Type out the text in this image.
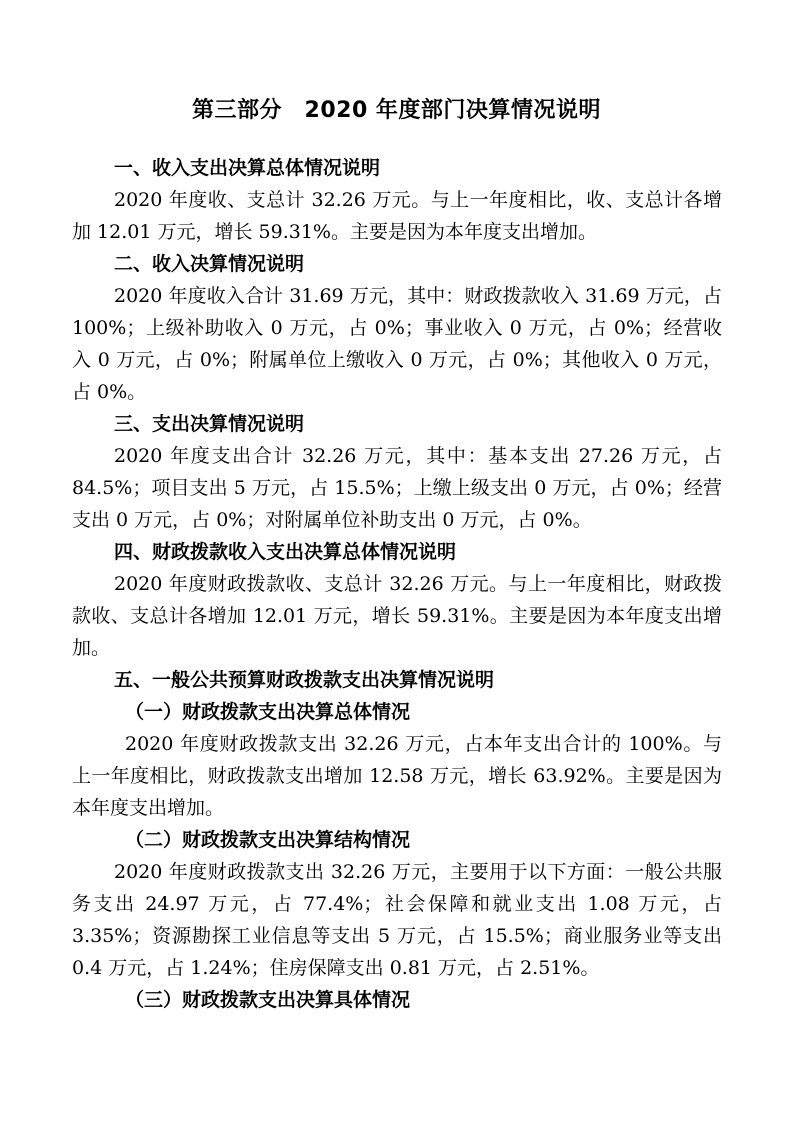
第三部分　2020 年度部门决算情况说明

一、收入支出决算总体情况说明

2020 年度收、支总计 32.26 万元。与上一年度相比，收、支总计各增加 12.01 万元，增长 59.31%。主要是因为本年度支出增加。

二、收入决算情况说明

2020 年度收入合计 31.69 万元，其中：财政拨款收入 31.69 万元，占 100%；上级补助收入 0 万元，占 0%；事业收入 0 万元，占 0%；经营收入 0 万元，占 0%；附属单位上缴收入 0 万元，占 0%；其他收入 0 万元，占 0%。

三、支出决算情况说明

2020 年度支出合计 32.26 万元，其中：基本支出 27.26 万元，占 84.5%；项目支出 5 万元，占 15.5%；上缴上级支出 0 万元，占 0%；经营支出 0 万元，占 0%；对附属单位补助支出 0 万元，占 0%。

四、财政拨款收入支出决算总体情况说明

2020 年度财政拨款收、支总计 32.26 万元。与上一年度相比，财政拨款收、支总计各增加 12.01 万元，增长 59.31%。主要是因为本年度支出增加。

五、一般公共预算财政拨款支出决算情况说明

（一）财政拨款支出决算总体情况

2020 年度财政拨款支出 32.26 万元，占本年支出合计的 100%。与上一年度相比，财政拨款支出增加 12.58 万元，增长 63.92%。主要是因为本年度支出增加。

（二）财政拨款支出决算结构情况

2020 年度财政拨款支出 32.26 万元，主要用于以下方面：一般公共服务支出 24.97 万元，占 77.4%；社会保障和就业支出 1.08 万元，占 3.35%；资源勘探工业信息等支出 5 万元，占 15.5%；商业服务业等支出 0.4 万元，占 1.24%；住房保障支出 0.81 万元，占 2.51%。

（三）财政拨款支出决算具体情况
